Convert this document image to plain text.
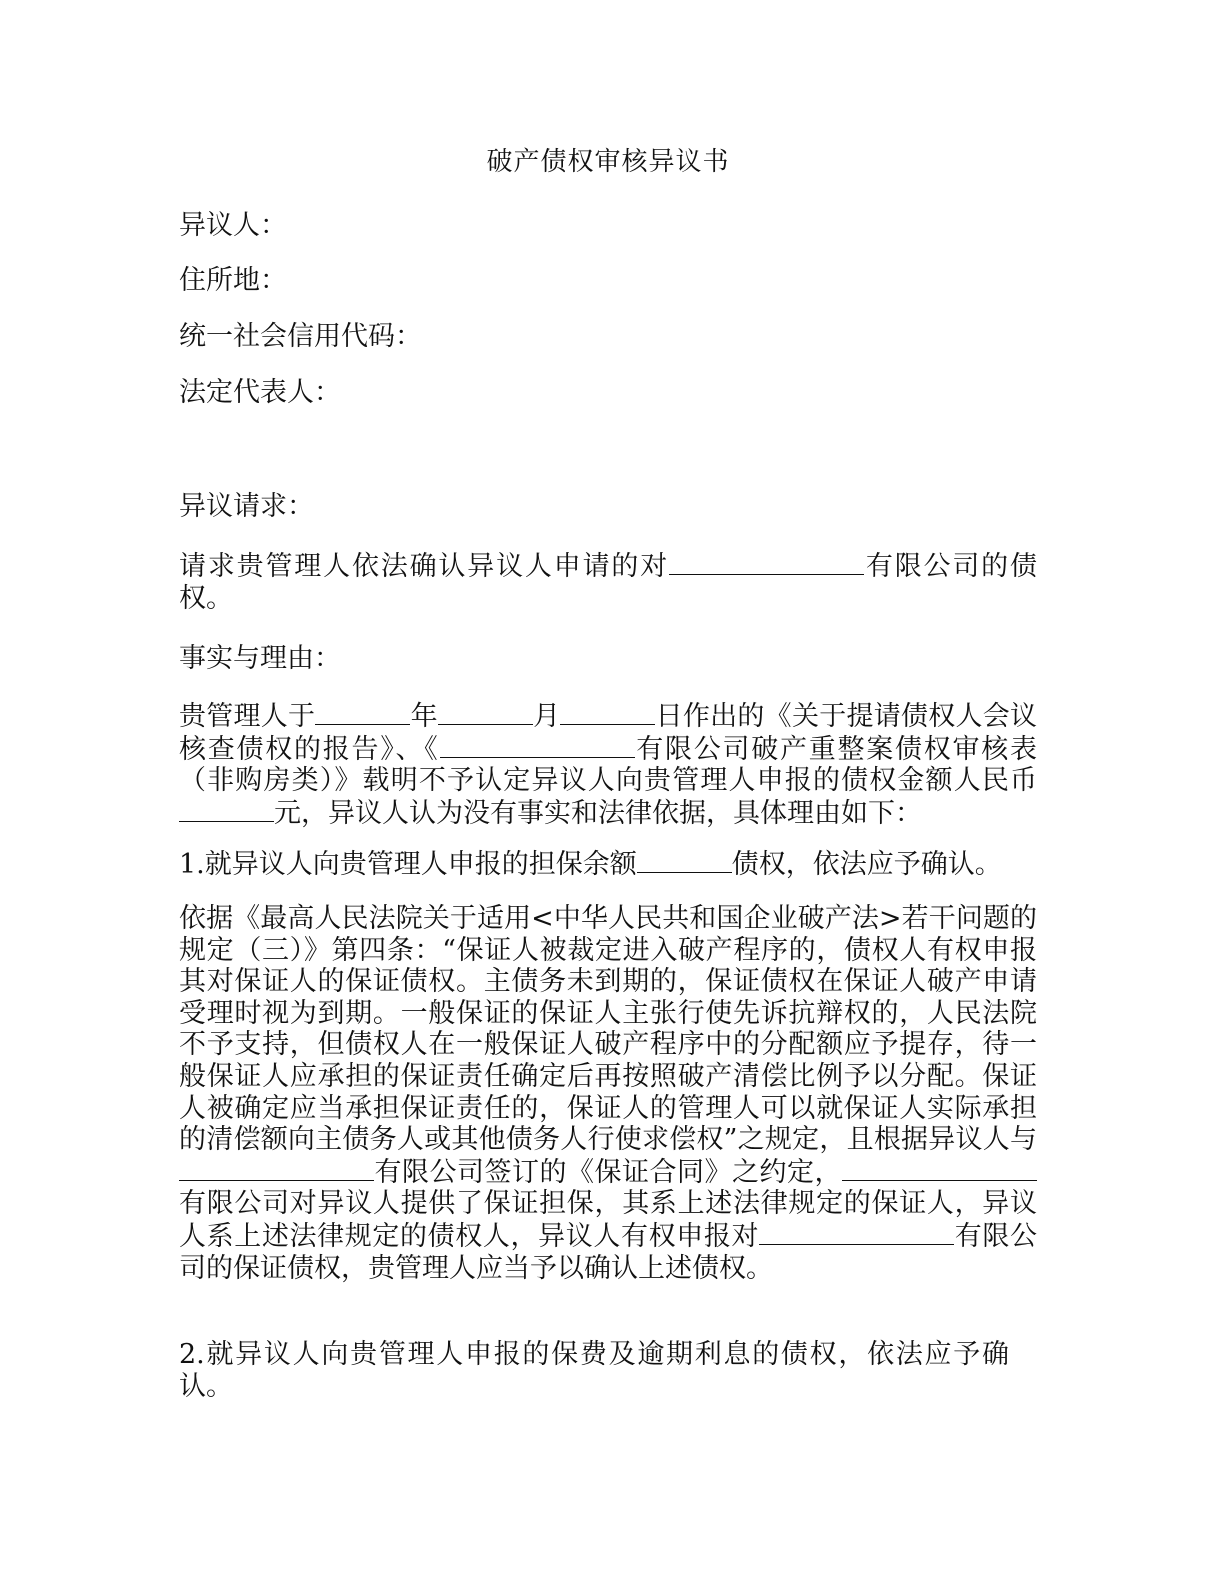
破产债权审核异议书
异议人：
住所地：
统一社会信用代码：
法定代表人：
异议请求：
请求贵管理人依法确认异议人申请的对	有限公司的债权。
事实与理由：
贵管理人于	年	月	日作出的《关于提请债权人会议核查债权的报告》、《	有限公司破产重整案债权审核表（非购房类）》载明不予认定异议人向贵管理人申报的债权金额人民币元，异议人认为没有事实和法律依据，具体理由如下：
1.就异议人向贵管理人申报的担保余额	债权，依法应予确认。
依据《最高人民法院关于适用<中华人民共和国企业破产法>若干问题的规定（三）》第四条：“保证人被裁定进入破产程序的，债权人有权申报其对保证人的保证债权。主债务未到期的，保证债权在保证人破产申请受理时视为到期。一般保证的保证人主张行使先诉抗辩权的，人民法院不予支持，但债权人在一般保证人破产程序中的分配额应予提存，待一般保证人应承担的保证责任确定后再按照破产清偿比例予以分配。保证人被确定应当承担保证责任的，保证人的管理人可以就保证人实际承担的清偿额向主债务人或其他债务人行使求偿权”之规定，且根据异议人与有限公司签订的《保证合同》之约定，有限公司对异议人提供了保证担保，其系上述法律规定的保证人，异议人系上述法律规定的债权人，异议人有权申报对	有限公司的保证债权，贵管理人应当予以确认上述债权。
2.就异议人向贵管理人申报的保费及逾期利息的债权，依法应予确认。
